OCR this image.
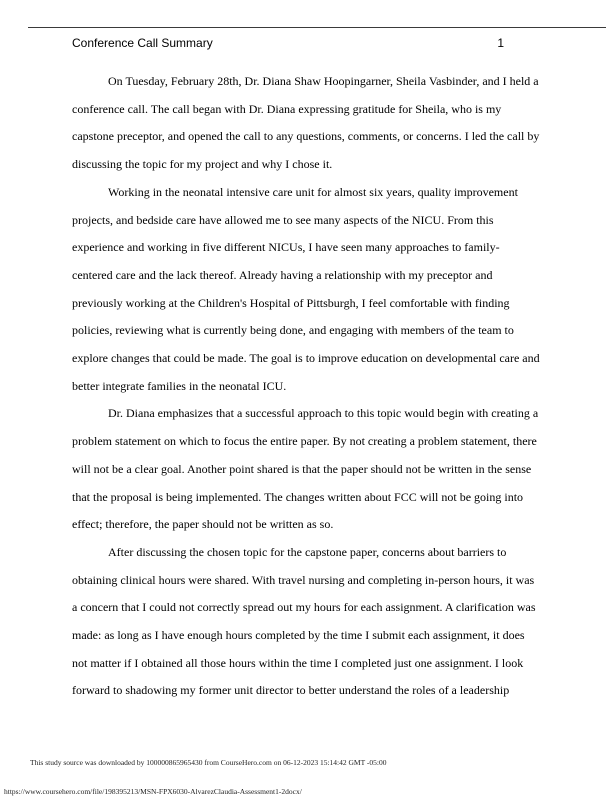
Conference Call Summary	1

On Tuesday, February 28th, Dr. Diana Shaw Hoopingarner, Sheila Vasbinder, and I held a

conference call. The call began with Dr. Diana expressing gratitude for Sheila, who is my
capstone preceptor, and opened the call to any questions, comments, or concerns. I led the call by
discussing the topic for my project and why I chose it.

Working in the neonatal intensive care unit for almost six years, quality improvement

projects, and bedside care have allowed me to see many aspects of the NICU. From this
experience and working in five different NICUs, I have seen many approaches to family-
centered care and the lack thereof. Already having a relationship with my preceptor and
previously working at the Children's Hospital of Pittsburgh, I feel comfortable with finding
policies, reviewing what is currently being done, and engaging with members of the team to
explore changes that could be made. The goal is to improve education on developmental care and
better integrate families in the neonatal ICU.

Dr. Diana emphasizes that a successful approach to this topic would begin with creating a

problem statement on which to focus the entire paper. By not creating a problem statement, there
will not be a clear goal. Another point shared is that the paper should not be written in the sense
that the proposal is being implemented. The changes written about FCC will not be going into
effect; therefore, the paper should not be written as so.

After discussing the chosen topic for the capstone paper, concerns about barriers to

obtaining clinical hours were shared. With travel nursing and completing in-person hours, it was
a concern that I could not correctly spread out my hours for each assignment. A clarification was
made: as long as I have enough hours completed by the time I submit each assignment, it does
not matter if I obtained all those hours within the time I completed just one assignment. I look
forward to shadowing my former unit director to better understand the roles of a leadership
This study source was downloaded by 100000865965430 from CourseHero.com on 06-12-2023 15:14:42 GMT -05:00
https://www.coursehero.com/file/198395213/MSN-FPX6030-AlvarezClaudia-Assessment1-2docx/
